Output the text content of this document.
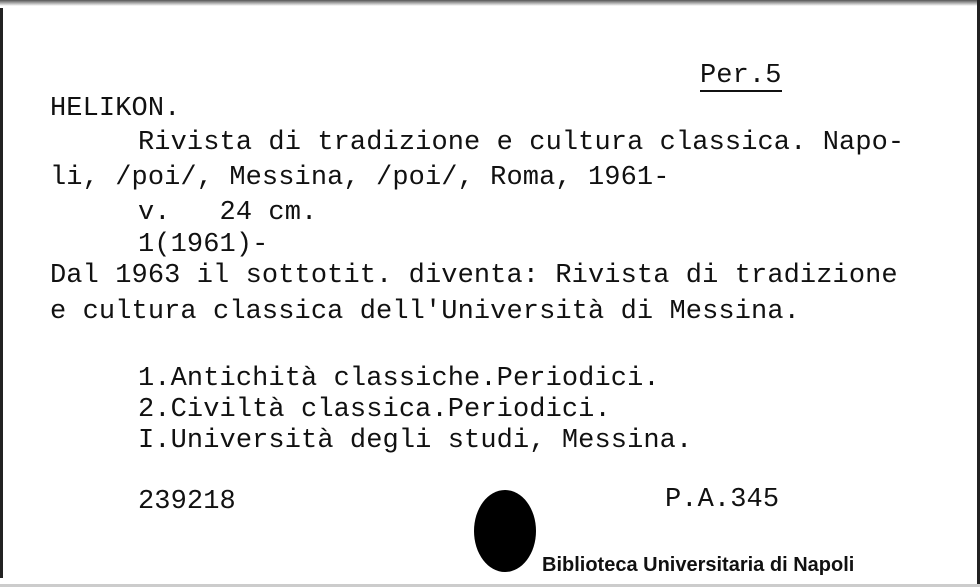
Per.5
HELIKON.
Rivista di tradizione e cultura classica. Napo-
li, /poi/, Messina, /poi/, Roma, 1961-
v.   24 cm.
1(1961)-
Dal 1963 il sottotit. diventa: Rivista di tradizione
e cultura classica dell'Università di Messina.
1.Antichità classiche.Periodici.
2.Civiltà classica.Periodici.
I.Università degli studi, Messina.
239218	P.A.345
Biblioteca Universitaria di Napoli
